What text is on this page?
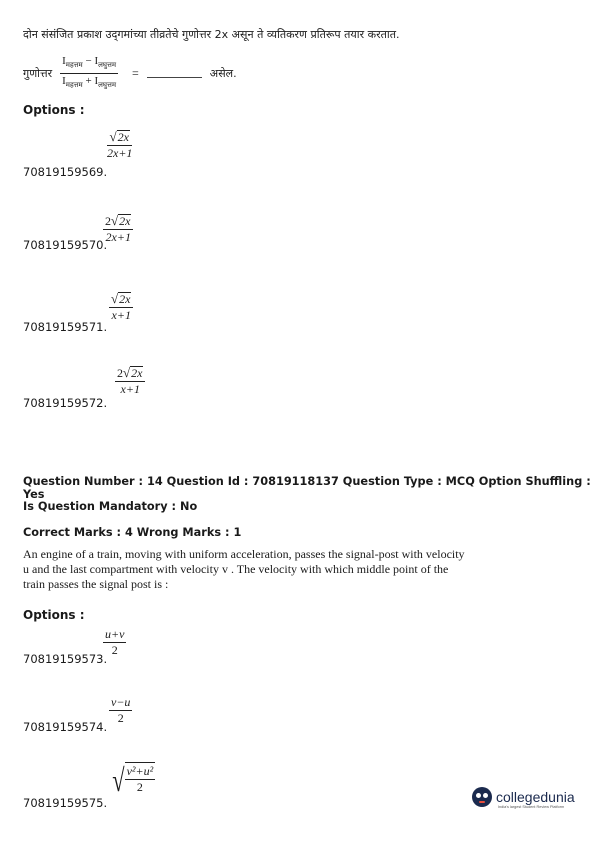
दोन संसंजित प्रकाश उद्‌गमांच्या तीव्रतेचे गुणोत्तर 2x असून ते व्यतिकरण प्रतिरूप तयार करतात.
गुणोत्तर $\frac{I_{महत्तम} - I_{लघुत्तम}}{I_{महत्तम} + I_{लघुत्तम}}$ =	असेल.
Options :
$\frac{√ 2x}{2x+1}$
70819159569.
$\frac{2 √ 2x}{2x+1}$
70819159570.
$\frac{√ 2x}{x+1}$
70819159571.
$\frac{2 √ 2x}{x+1}$
70819159572.
Question Number : 14 Question Id : 70819118137 Question Type : MCQ Option Shuffling : Yes
Is Question Mandatory : No
Correct Marks : 4 Wrong Marks : 1
An engine of a train, moving with uniform acceleration, passes the signal-post with velocity
u and the last compartment with velocity v . The velocity with which middle point of the
train passes the signal post is :
Options :
$\frac{u+v}{2}$
70819159573.
$\frac{v-u}{2}$
70819159574.
√ $\frac{\text{v²+u²}}{2}$
70819159575.	collegedunia
India's largest Student Review Platform
